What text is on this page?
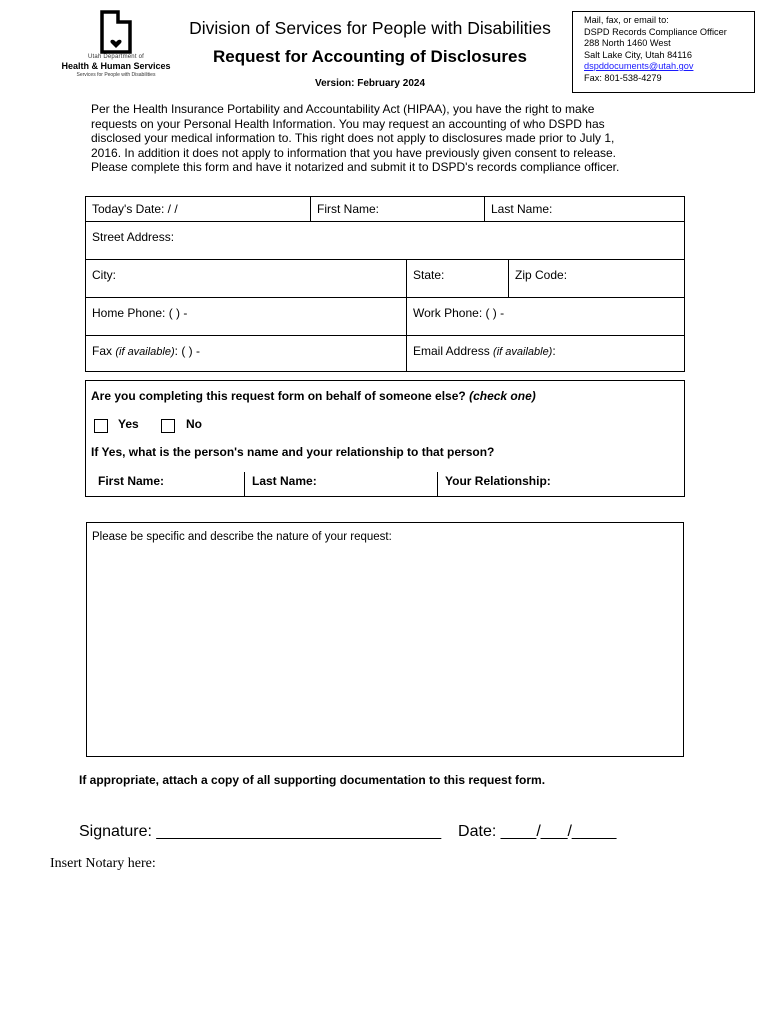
Utah Department of
Health & Human Services
Services for People with Disabilities
Division of Services for People with Disabilities
Request for Accounting of Disclosures
Version: February 2024
Mail, fax, or email to:
DSPD Records Compliance Officer
288 North 1460 West
Salt Lake City, Utah 84116
dspddocuments@utah.gov
Fax: 801-538-4279
Per the Health Insurance Portability and Accountability Act (HIPAA), you have the right to make requests on your Personal Health Information. You may request an accounting of who DSPD has disclosed your medical information to. This right does not apply to disclosures made prior to July 1, 2016. In addition it does not apply to information that you have previously given consent to release. Please complete this form and have it notarized and submit it to DSPD's records compliance officer.
Today's Date: / /	First Name:	Last Name:
Street Address:
City:	State:	Zip Code:
Home Phone: ( ) -	Work Phone: ( ) -
Fax (if available): ( ) -	Email Address (if available):
Are you completing this request form on behalf of someone else? (check one)
Yes	No
If Yes, what is the person's name and your relationship to that person?
First Name:	Last Name:	Your Relationship:
Please be specific and describe the nature of your request:
If appropriate, attach a copy of all supporting documentation to this request form.
Signature: ________________________________ Date: ____/___/_____
Insert Notary here:
